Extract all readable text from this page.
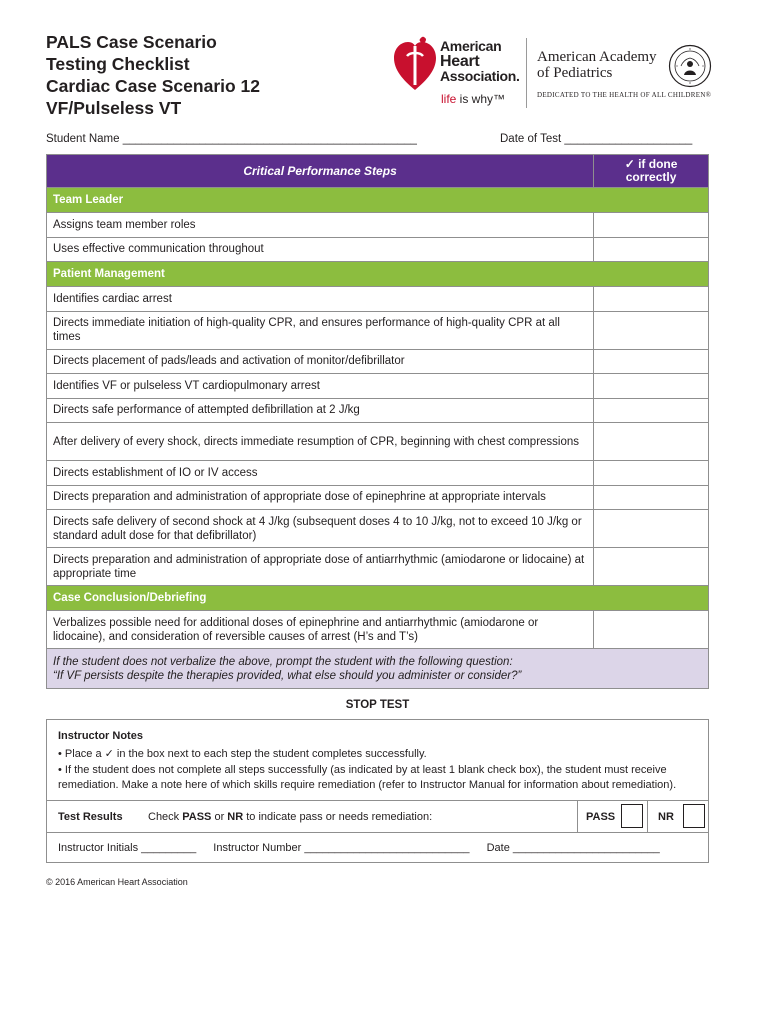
PALS Case Scenario
Testing Checklist
Cardiac Case Scenario 12
VF/Pulseless VT
American
Heart
Association.
life is why™
American Academy
of Pediatrics
DEDICATED TO THE HEALTH OF ALL CHILDREN®
Student Name ______________________________________________	Date of Test ____________________
Critical Performance Steps	✓ if done correctly
Team Leader	
Assigns team member roles	
Uses effective communication throughout	
Patient Management	
Identifies cardiac arrest	
Directs immediate initiation of high-quality CPR, and ensures performance of high-quality CPR at all times	
Directs placement of pads/leads and activation of monitor/defibrillator	
Identifies VF or pulseless VT cardiopulmonary arrest	
Directs safe performance of attempted defibrillation at 2 J/kg	
After delivery of every shock, directs immediate resumption of CPR, beginning with chest compressions	
Directs establishment of IO or IV access	
Directs preparation and administration of appropriate dose of epinephrine at appropriate intervals	
Directs safe delivery of second shock at 4 J/kg (subsequent doses 4 to 10 J/kg, not to exceed 10 J/kg or standard adult dose for that defibrillator)	
Directs preparation and administration of appropriate dose of antiarrhythmic (amiodarone or lidocaine) at appropriate time	
Case Conclusion/Debriefing	
Verbalizes possible need for additional doses of epinephrine and antiarrhythmic (amiodarone or lidocaine), and consideration of reversible causes of arrest (H’s and T’s)	

If the student does not verbalize the above, prompt the student with the following question:
“If VF persists despite the therapies provided, what else should you administer or consider?”	
STOP TEST
Instructor Notes
• Place a ✓ in the box next to each step the student completes successfully.
• If the student does not complete all steps successfully (as indicated by at least 1 blank check box), the student must receive remediation. Make a note here of which skills require remediation (refer to Instructor Manual for information about remediation).
Test Results Check PASS or NR to indicate pass or needs remediation:	PASS	NR
Instructor Initials _________ Instructor Number ___________________________ Date ________________________
© 2016 American Heart Association
